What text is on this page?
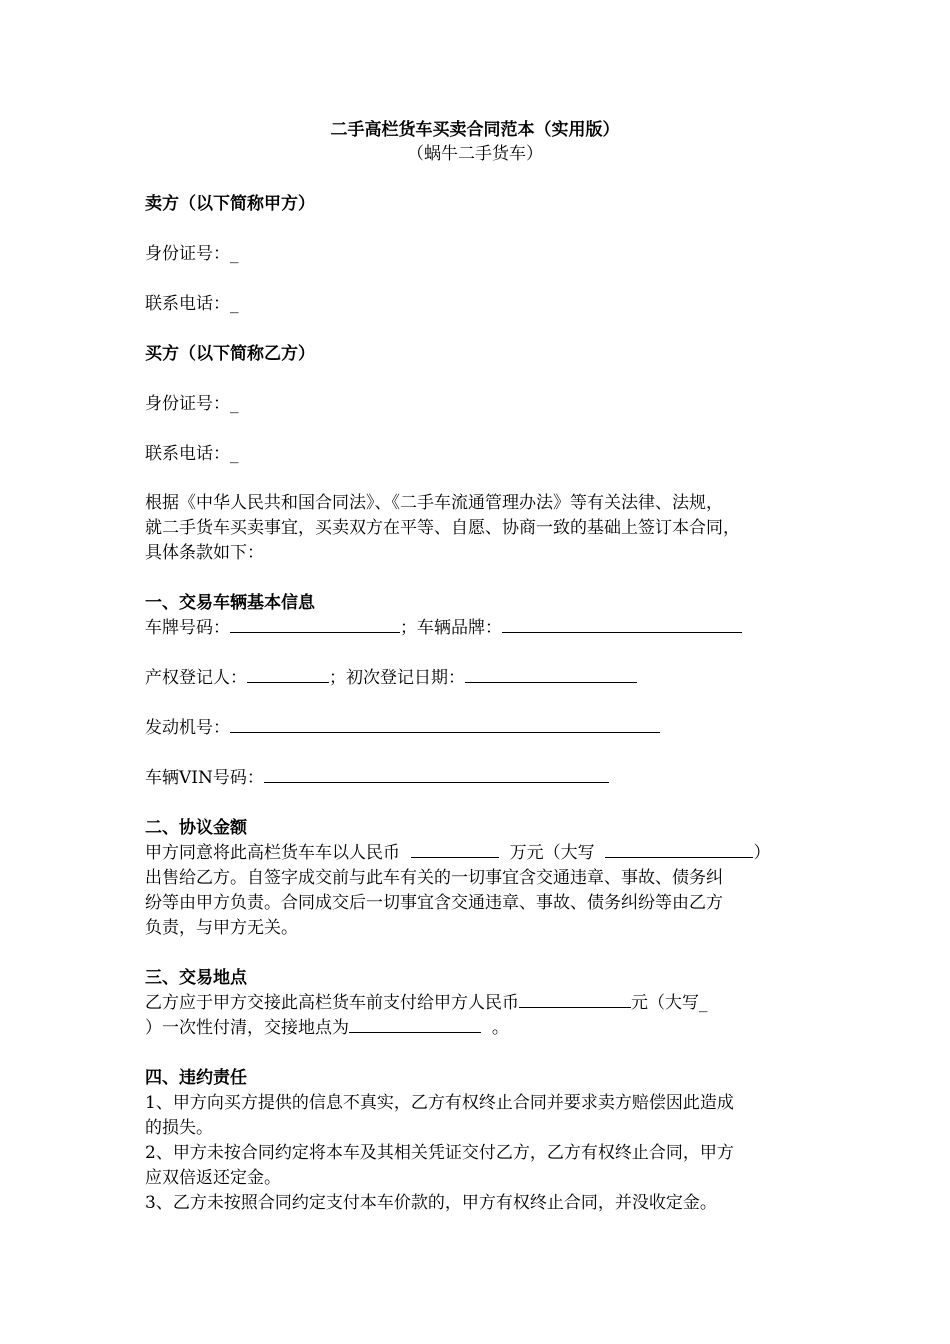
二手高栏货车买卖合同范本（实用版）
（蜗牛二手货车）
卖方（以下简称甲方）
身份证号：_
联系电话：_
买方（以下简称乙方）
身份证号：_
联系电话：_
根据《中华人民共和国合同法》、《二手车流通管理办法》等有关法律、法规，
就二手货车买卖事宜，买卖双方在平等、自愿、协商一致的基础上签订本合同，
具体条款如下：
一、交易车辆基本信息
车牌号码：	；车辆品牌：
产权登记人：	；初次登记日期：
发动机号：
车辆VIN号码：
二、协议金额
甲方同意将此高栏货车车以人民币	万元（大写	）
出售给乙方。自签字成交前与此车有关的一切事宜含交通违章、事故、债务纠
纷等由甲方负责。合同成交后一切事宜含交通违章、事故、债务纠纷等由乙方
负责，与甲方无关。
三、交易地点
乙方应于甲方交接此高栏货车前支付给甲方人民币	元（大写_
）一次性付清，交接地点为	。
四、违约责任
1、甲方向买方提供的信息不真实，乙方有权终止合同并要求卖方赔偿因此造成
的损失。
2、甲方未按合同约定将本车及其相关凭证交付乙方，乙方有权终止合同，甲方
应双倍返还定金。
3、乙方未按照合同约定支付本车价款的，甲方有权终止合同，并没收定金。
